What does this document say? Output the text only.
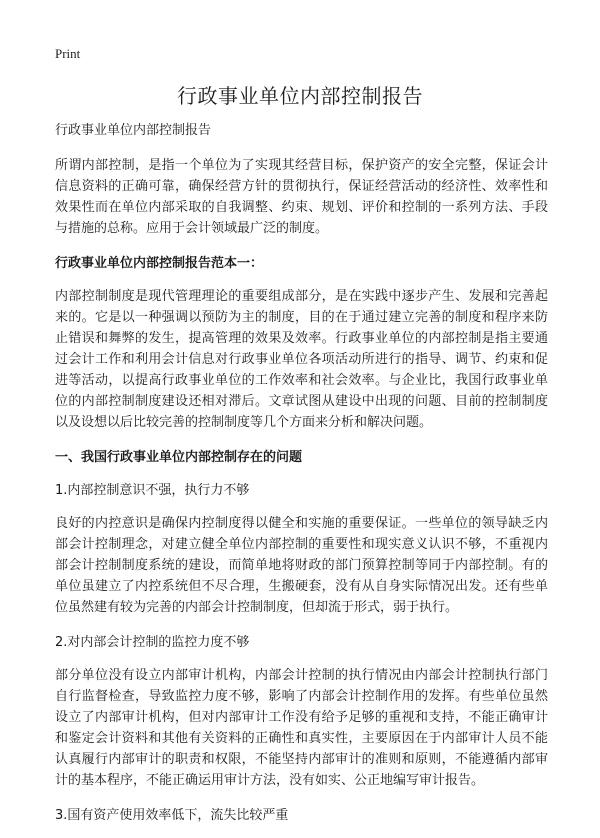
Print
行政事业单位内部控制报告

行政事业单位内部控制报告

所谓内部控制，是指一个单位为了实现其经营目标，保护资产的安全完整，保证会计信息资料的正确可靠，确保经营方针的贯彻执行，保证经营活动的经济性、效率性和效果性而在单位内部采取的自我调整、约束、规划、评价和控制的一系列方法、手段与措施的总称。应用于会计领域最广泛的制度。

行政事业单位内部控制报告范本一：

内部控制制度是现代管理理论的重要组成部分，是在实践中逐步产生、发展和完善起来的。它是以一种强调以预防为主的制度，目的在于通过建立完善的制度和程序来防止错误和舞弊的发生，提高管理的效果及效率。行政事业单位的内部控制是指主要通过会计工作和利用会计信息对行政事业单位各项活动所进行的指导、调节、约束和促进等活动，以提高行政事业单位的工作效率和社会效率。与企业比，我国行政事业单位的内部控制制度建设还相对滞后。文章试图从建设中出现的问题、目前的控制制度以及设想以后比较完善的控制制度等几个方面来分析和解决问题。

一、我国行政事业单位内部控制存在的问题

1.内部控制意识不强，执行力不够

良好的内控意识是确保内控制度得以健全和实施的重要保证。一些单位的领导缺乏内部会计控制理念，对建立健全单位内部控制的重要性和现实意义认识不够，不重视内部会计控制制度系统的建设，而简单地将财政的部门预算控制等同于内部控制。有的单位虽建立了内控系统但不尽合理，生搬硬套，没有从自身实际情况出发。还有些单位虽然建有较为完善的内部会计控制制度，但却流于形式，弱于执行。

2.对内部会计控制的监控力度不够

部分单位没有设立内部审计机构，内部会计控制的执行情况由内部会计控制执行部门自行监督检查，导致监控力度不够，影响了内部会计控制作用的发挥。有些单位虽然设立了内部审计机构，但对内部审计工作没有给予足够的重视和支持，不能正确审计和鉴定会计资料和其他有关资料的正确性和真实性，主要原因在于内部审计人员不能认真履行内部审计的职责和权限，不能坚持内部审计的准则和原则，不能遵循内部审计的基本程序，不能正确运用审计方法，没有如实、公正地编写审计报告。

3.国有资产使用效率低下，流失比较严重
